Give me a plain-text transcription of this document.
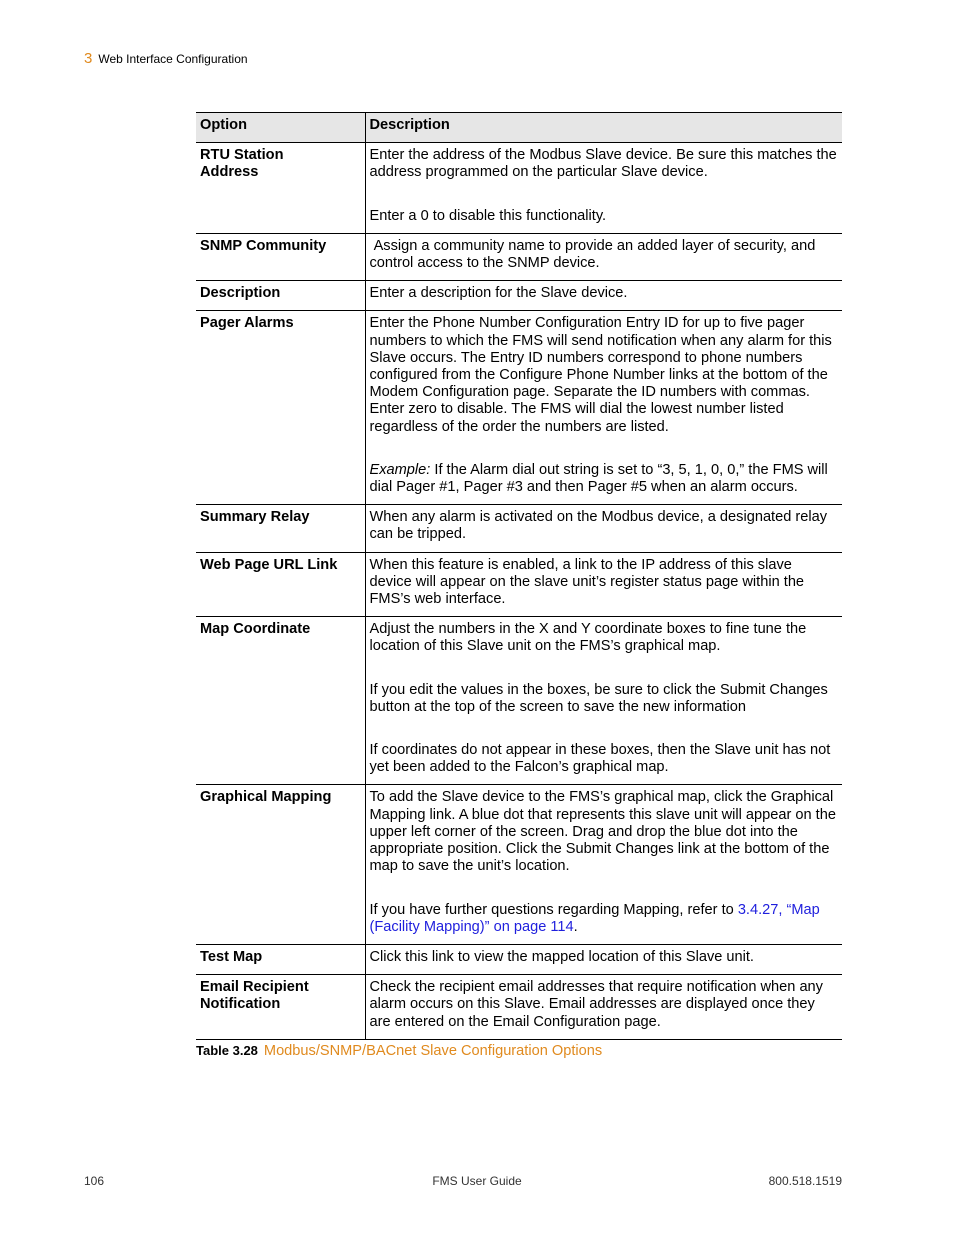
3 Web Interface Configuration
Option	Description
RTU Station Address	Enter the address of the Modbus Slave device. Be sure this matches the address programmed on the particular Slave device.
Enter a 0 to disable this functionality.

SNMP Community	Assign a community name to provide an added layer of security, and control access to the SNMP device.

Description	Enter a description for the Slave device.

Pager Alarms	Enter the Phone Number Configuration Entry ID for up to five pager numbers to which the FMS will send notification when any alarm for this Slave occurs. The Entry ID numbers correspond to phone numbers configured from the Configure Phone Number links at the bottom of the Modem Configuration page. Separate the ID numbers with commas. Enter zero to disable. The FMS will dial the lowest number listed regardless of the order the numbers are listed.
Example: If the Alarm dial out string is set to “3, 5, 1, 0, 0,” the FMS will dial Pager #1, Pager #3 and then Pager #5 when an alarm occurs.

Summary Relay	When any alarm is activated on the Modbus device, a designated relay can be tripped.

Web Page URL Link	When this feature is enabled, a link to the IP address of this slave device will appear on the slave unit’s register status page within the FMS’s web interface.

Map Coordinate	Adjust the numbers in the X and Y coordinate boxes to fine tune the location of this Slave unit on the FMS’s graphical map.
If you edit the values in the boxes, be sure to click the Submit Changes button at the top of the screen to save the new information
If coordinates do not appear in these boxes, then the Slave unit has not yet been added to the Falcon’s graphical map.

Graphical Mapping	To add the Slave device to the FMS’s graphical map, click the Graphical Mapping link. A blue dot that represents this slave unit will appear on the upper left corner of the screen. Drag and drop the blue dot into the appropriate position. Click the Submit Changes link at the bottom of the map to save the unit’s location.
If you have further questions regarding Mapping, refer to 3.4.27, “Map (Facility Mapping)” on page 114.

Test Map	Click this link to view the mapped location of this Slave unit.

Email Recipient Notification	Check the recipient email addresses that require notification when any alarm occurs on this Slave. Email addresses are displayed once they are entered on the Email Configuration page.
Table 3.28 Modbus/SNMP/BACnet Slave Configuration Options
106	FMS User Guide	800.518.1519
